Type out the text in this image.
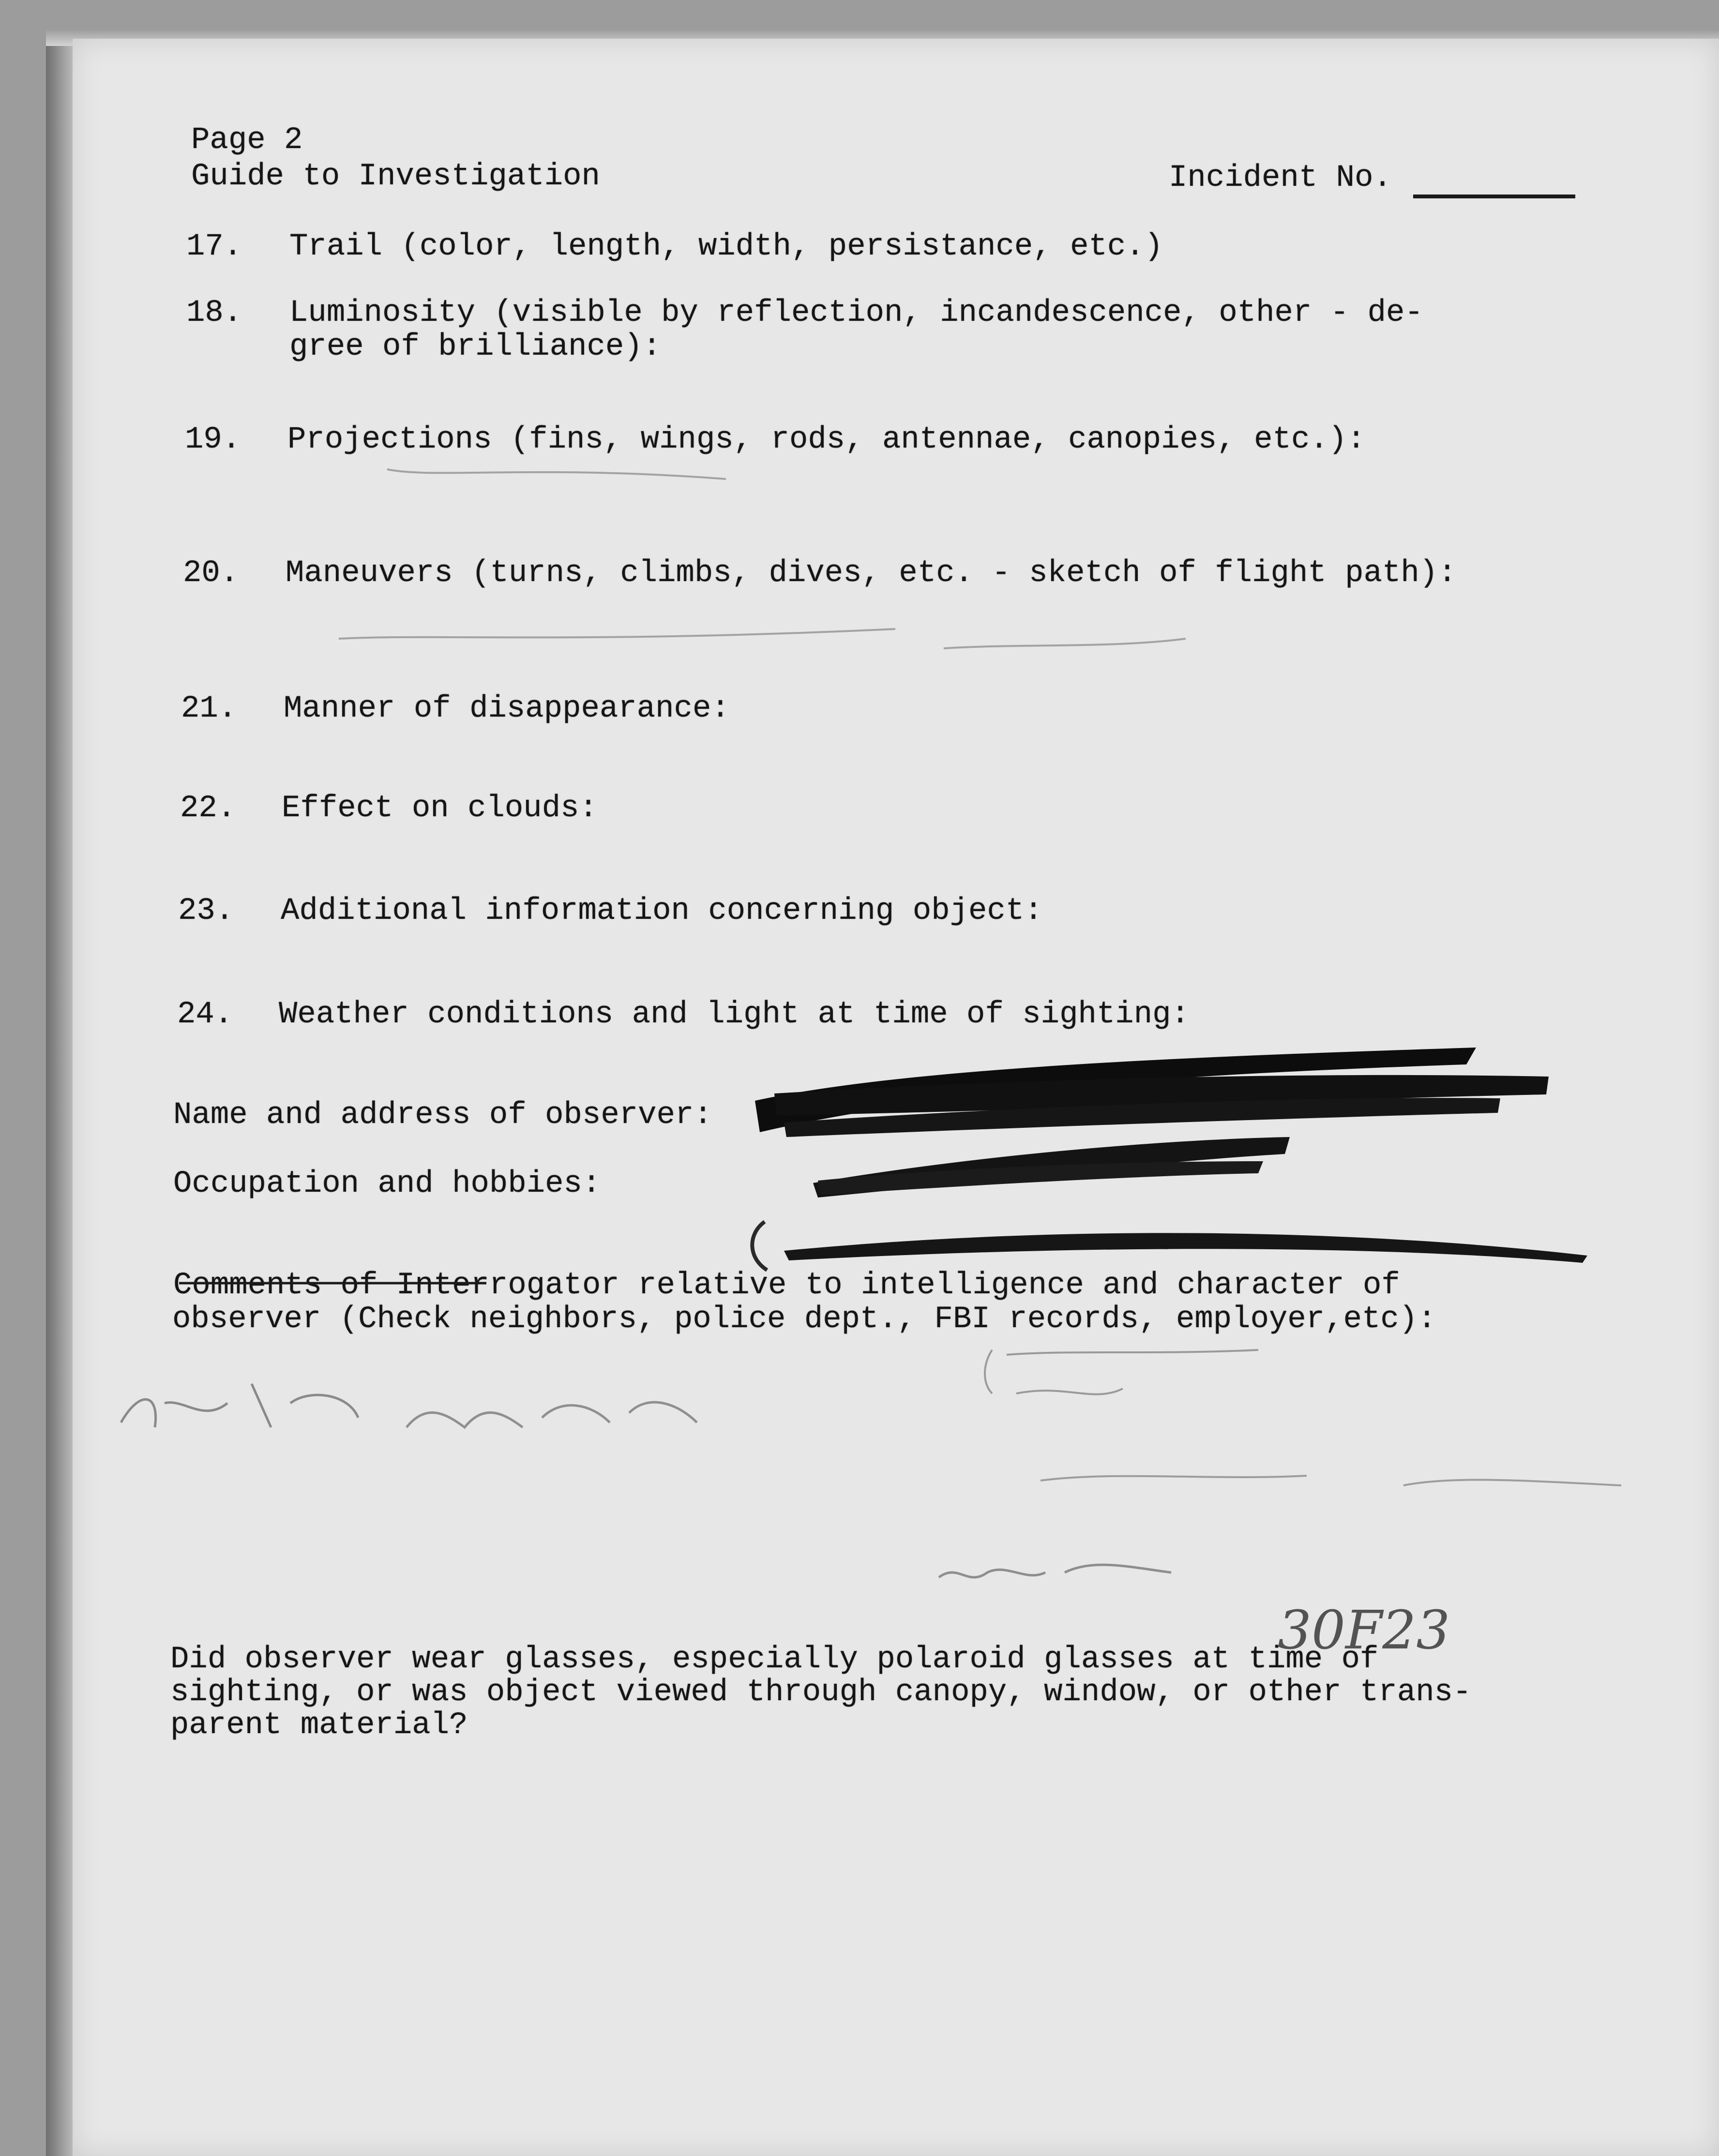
Page 2

Guide to Investigation	Incident No.

17. Trail (color, length, width, persistance, etc.)

18. Luminosity (visible by reflection, incandescence, other - de-

gree of brilliance):

19. Projections (fins, wings, rods, antennae, canopies, etc.):

20. Maneuvers (turns, climbs, dives, etc. - sketch of flight path):

21. Manner of disappearance:

22. Effect on clouds:

23. Additional information concerning object:

24. Weather conditions and light at time of sighting:

Name and address of observer:

Occupation and hobbies:

Comments of Interrogator relative to intelligence and character of

observer (Check neighbors, police dept., FBI records, employer,etc):

30F23

Did observer wear glasses, especially polaroid glasses at time of

sighting, or was object viewed through canopy, window, or other trans-

parent material?
